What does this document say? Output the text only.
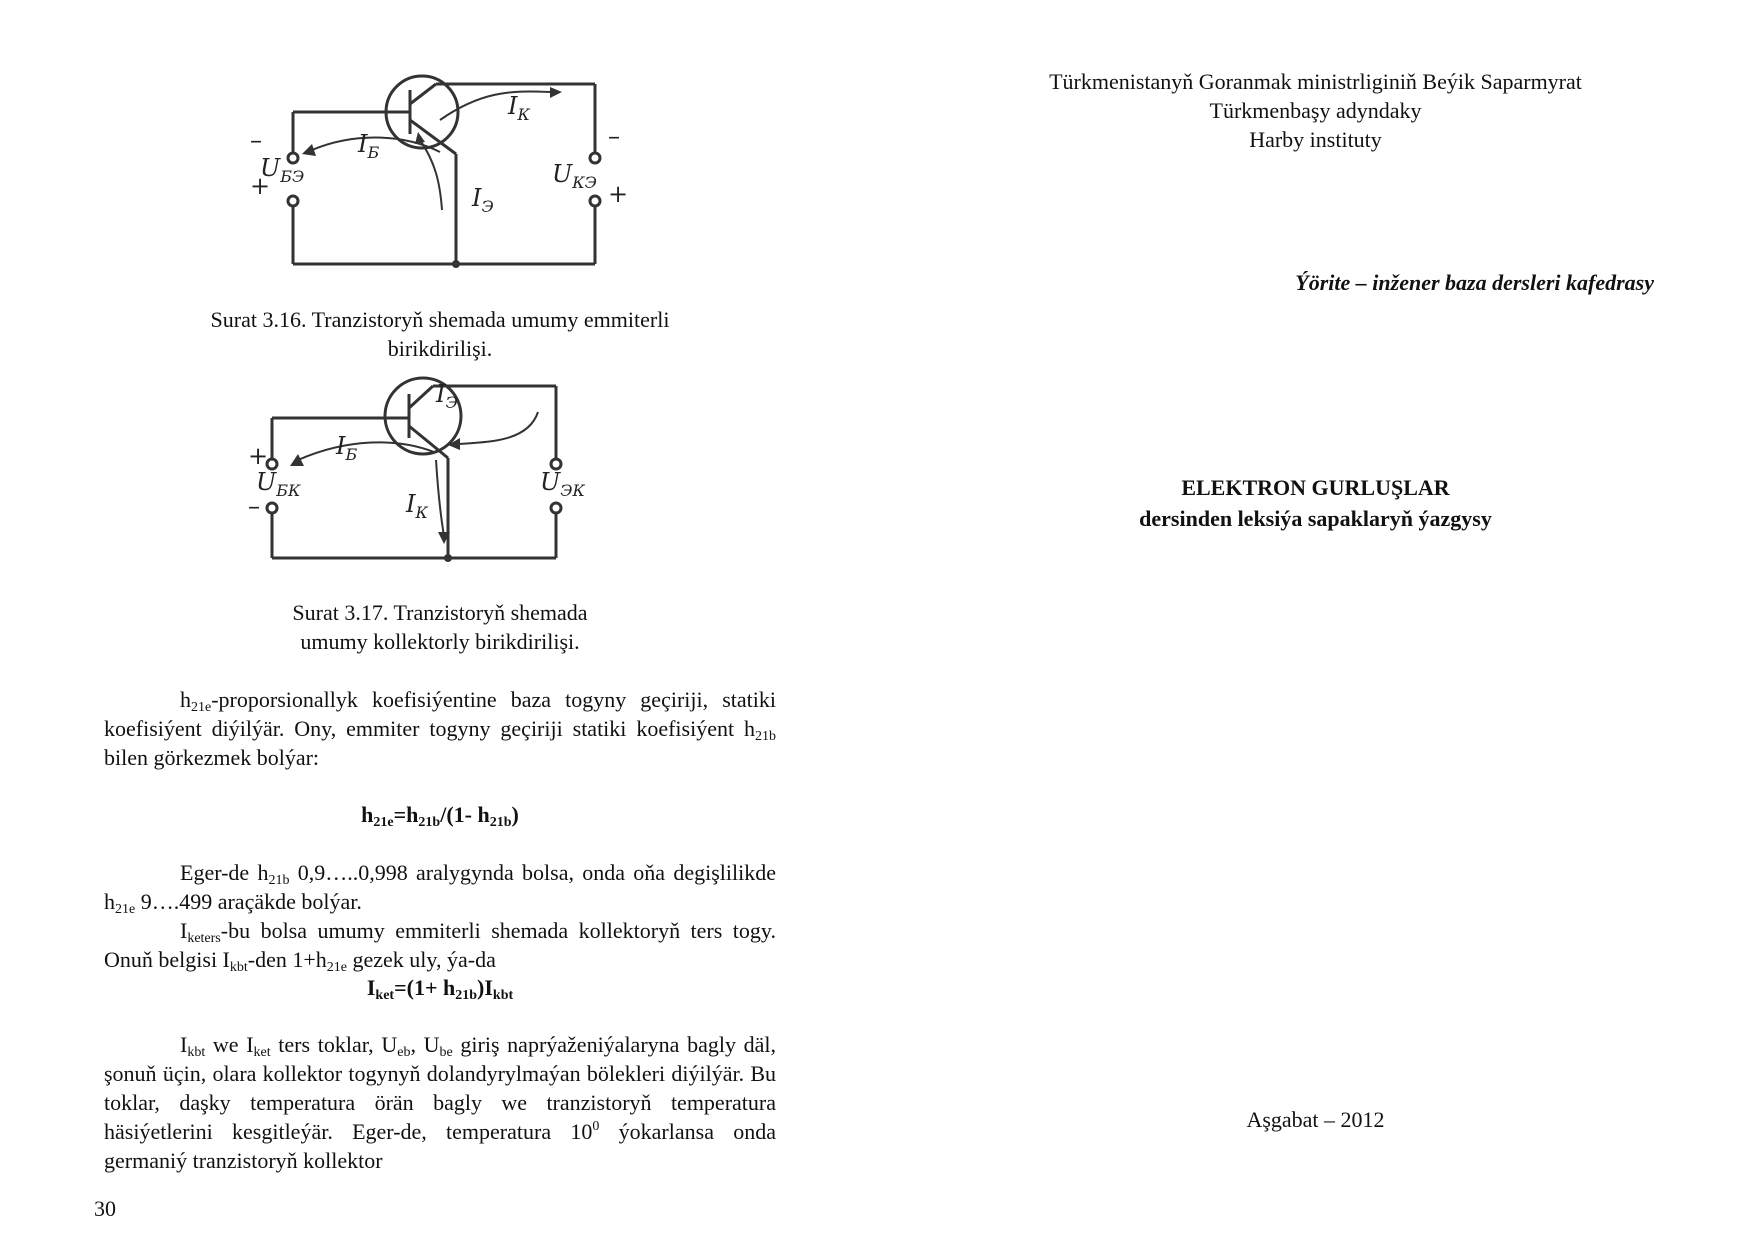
$I_К$
$I_Б$
$I_Э$
–
+
–
+
$U_{БЭ}$	$U_{КЭ}$
Surat 3.16. Tranzistoryň shemada umumy emmiterli
birikdirilişi.
$I_Э$
$I_Б$
$I_К$
+
–
$U_{БК}$	$U_{ЭК}$
Surat 3.17. Tranzistoryň shemada
umumy kollektorly birikdirilişi.

$h_{21e}$-proporsionallyk koefisiýentine baza togyny geçiriji, statiki koefisiýent diýilýär. Ony, emmiter togyny geçiriji statiki koefisiýent $h_{21b}$ bilen görkezmek bolýar:

$h_{21e}=h_{21b}/(1-$ $h_{21b}$)

Eger-de $h_{21b}$ 0,9…..0,998 aralygynda bolsa, onda oňa degişlilikde $h_{21e}$ 9….499 araçäkde bolýar.

$I_{keters}-bu$ bolsa umumy emmiterli shemada kollektoryň ters togy. Onuň belgisi $I_{kbt}$-den $1+h_{21e}$ gezek uly, ýa-da

$I_{ket}=(1+ h_{21b})I_{kbt}$

$I_{kbt}$ we $I_{ket}$ ters toklar, $U_{eb}$, $U_{be}$ giriş naprýaženiýalaryna bagly däl, şonuň üçin, olara kollektor togynyň dolandyrylmaýan bölekleri diýilýär. Bu toklar, daşky temperatura örän bagly we tranzistoryň temperatura häsiýetlerini kesgitleýär. Eger-de, temperatura $10^0$ ýokarlansa onda germaniý tranzistoryň kollektor

30
Türkmenistanyň Goranmak ministrliginiň Beýik Saparmyrat
Türkmenbaşy adyndaky
Harby instituty
Ýörite – inžener baza dersleri kafedrasy
ELEKTRON GURLUŞLAR
dersinden leksiýa sapaklaryň ýazgysy
Aşgabat – 2012
